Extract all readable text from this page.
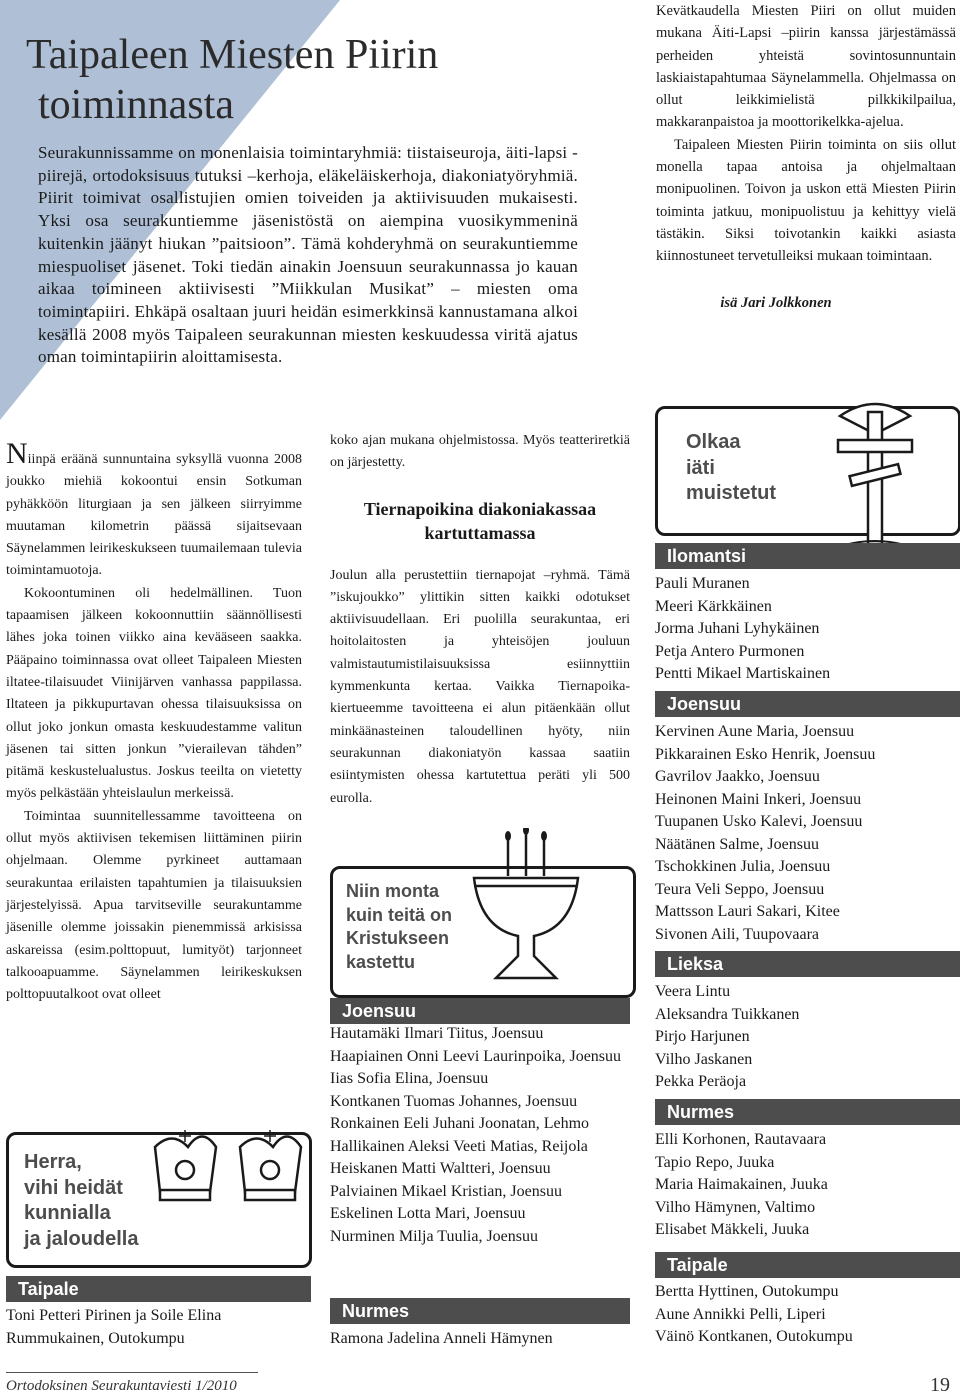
Taipaleen Miesten Piirin
toiminnasta
Seurakunnissamme on monenlaisia toimintaryhmiä: tiistaiseuroja, äiti-lapsi -piirejä, ortodoksisuus tutuksi –kerhoja, eläkeläiskerhoja, diakoniatyöryhmiä. Piirit toimivat osallistujien omien toiveiden ja aktiivisuuden mukaisesti. Yksi osa seurakuntiemme jäsenistöstä on aiempina vuosikymmeninä kuitenkin jäänyt hiukan ”paitsioon”. Tämä kohderyhmä on seurakuntiemme miespuoliset jäsenet. Toki tiedän ainakin Joensuun seurakunnassa jo kauan aikaa toimineen aktiivisesti ”Miikkulan Musikat” – miesten oma toimintapiiri. Ehkäpä osaltaan juuri heidän esimerkkinsä kannustamana alkoi kesällä 2008 myös Taipaleen seurakunnan miesten keskuudessa viritä ajatus oman toimintapiirin aloittamisesta.

Niinpä eräänä sunnuntaina syksyllä vuonna 2008 joukko miehiä kokoontui ensin Sotkuman pyhäkköön liturgiaan ja sen jälkeen siirryimme muutaman kilometrin päässä sijaitsevaan Säynelammen leirikeskukseen tuumailemaan tulevia toimintamuotoja.

Kokoontuminen oli hedelmällinen. Tuon tapaamisen jälkeen kokoonnuttiin säännöllisesti lähes joka toinen viikko aina kevääseen saakka. Pääpaino toiminnassa ovat olleet Taipaleen Miesten iltatee-tilaisuudet Viinijärven vanhassa pappilassa. Iltateen ja pikkupurtavan ohessa tilaisuuksissa on ollut joko jonkun omasta keskuudestamme valitun jäsenen tai sitten jonkun ”vierailevan tähden” pitämä keskustelualustus. Joskus teeilta on vietetty myös pelkästään yhteislaulun merkeissä.

Toimintaa suunnitellessamme tavoitteena on ollut myös aktiivisen tekemisen liittäminen piirin ohjelmaan. Olemme pyrkineet auttamaan seurakuntaa erilaisten tapahtumien ja tilaisuuksien järjestelyissä. Apua tarvitseville seurakuntamme jäsenille olemme joissakin pienemmissä arkisissa askareissa (esim.polttopuut, lumityöt) tarjonneet talkooapuamme. Säynelammen leirikeskuksen polttopuutalkoot ovat olleet

koko ajan mukana ohjelmistossa. Myös teatteriretkiä on järjestetty.

Tiernapoikina diakoniakassaa kartuttamassa

Joulun alla perustettiin tiernapojat –ryhmä. Tämä ”iskujoukko” ylittikin sitten kaikki odotukset aktiivisuudellaan. Eri puolilla seurakuntaa, eri hoitolaitosten ja yhteisöjen jouluun valmistautumistilaisuuksissa esiinnyttiin kymmenkunta kertaa. Vaikka Tiernapoika-kiertueemme tavoitteena ei alun pitäenkään ollut minkäänasteinen taloudellinen hyöty, niin seurakunnan diakoniatyön kassaa saatiin esiintymisten ohessa kartutettua peräti yli 500 eurolla.

Kevätkaudella Miesten Piiri on ollut muiden mukana Äiti-Lapsi –piirin kanssa järjestämässä perheiden yhteistä sovintosunnuntain laskiaistapahtumaa Säynelammella. Ohjelmassa on ollut leikkimielistä pilkkikilpailua, makkaranpaistoa ja moottorikelkka-ajelua.

Taipaleen Miesten Piirin toiminta on siis ollut monella tapaa antoisa ja ohjelmaltaan monipuolinen. Toivon ja uskon että Miesten Piirin toiminta jatkuu, monipuolistuu ja kehittyy vielä tästäkin. Siksi toivotankin kaikki asiasta kiinnostuneet tervetulleiksi mukaan toimintaan.

isä Jari Jolkkonen

Herra,
vihi heidät
kunnialla
ja jaloudella
Taipale
Toni Petteri Pirinen ja Soile Elina Rummukainen, Outokumpu
Niin monta
kuin teitä on
Kristukseen
kastettu
Joensuu
Hautamäki Ilmari Tiitus, Joensuu
Haapiainen Onni Leevi Laurinpoika, Joensuu
Iias Sofia Elina, Joensuu
Kontkanen Tuomas Johannes, Joensuu
Ronkainen Eeli Juhani Joonatan, Lehmo
Hallikainen Aleksi Veeti Matias, Reijola
Heiskanen Matti Waltteri, Joensuu
Palviainen Mikael Kristian, Joensuu
Eskelinen Lotta Mari, Joensuu
Nurminen Milja Tuulia, Joensuu
Nurmes
Ramona Jadelina Anneli Hämynen
Olkaa
iäti
muistetut
Ilomantsi
Pauli Muranen
Meeri Kärkkäinen
Jorma Juhani Lyhykäinen
Petja Antero Purmonen
Pentti Mikael Martiskainen
Joensuu
Kervinen Aune Maria, Joensuu
Pikkarainen Esko Henrik, Joensuu
Gavrilov Jaakko, Joensuu
Heinonen Maini Inkeri, Joensuu
Tuupanen Usko Kalevi, Joensuu
Näätänen Salme, Joensuu
Tschokkinen Julia, Joensuu
Teura Veli Seppo, Joensuu
Mattsson Lauri Sakari, Kitee
Sivonen Aili, Tuupovaara
Lieksa
Veera Lintu
Aleksandra Tuikkanen
Pirjo Harjunen
Vilho Jaskanen
Pekka Peräoja
Nurmes
Elli Korhonen, Rautavaara
Tapio Repo, Juuka
Maria Haimakainen, Juuka
Vilho Hämynen, Valtimo
Elisabet Mäkkeli, Juuka
Taipale
Bertta Hyttinen, Outokumpu
Aune Annikki Pelli, Liperi
Väinö Kontkanen, Outokumpu
Ortodoksinen Seurakuntaviesti 1/2010	19
